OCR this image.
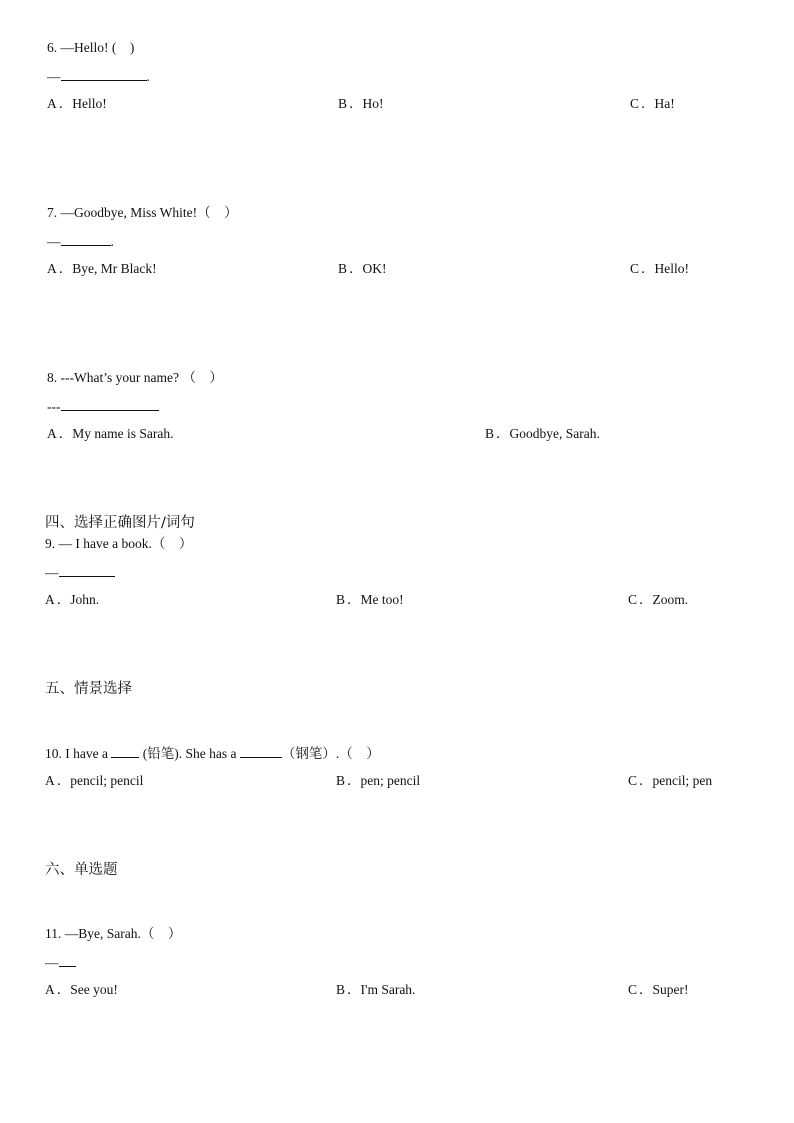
6. —Hello! (　)
—	.
A ．Hello!	B ．Ho!	C ．Ha!
7. —Goodbye, Miss White!（　）
—	.
A ．Bye, Mr Black!	B ．OK!	C ．Hello!
8. ---What’s your name? （　）
---
A ．My name is Sarah.	B ．Goodbye, Sarah.
四、选择正确图片/词句
9. — I have a book.（　）
—
A ．John.	B ．Me too!	C ．Zoom.
五、情景选择
10. I have a	(铅笔). She has a	（钢笔）.（　）
A ．pencil; pencil	B ．pen; pencil	C ．pencil; pen
六、单选题
11. —Bye, Sarah.（　）
—
A ．See you!	B ．I'm Sarah.	C ．Super!
